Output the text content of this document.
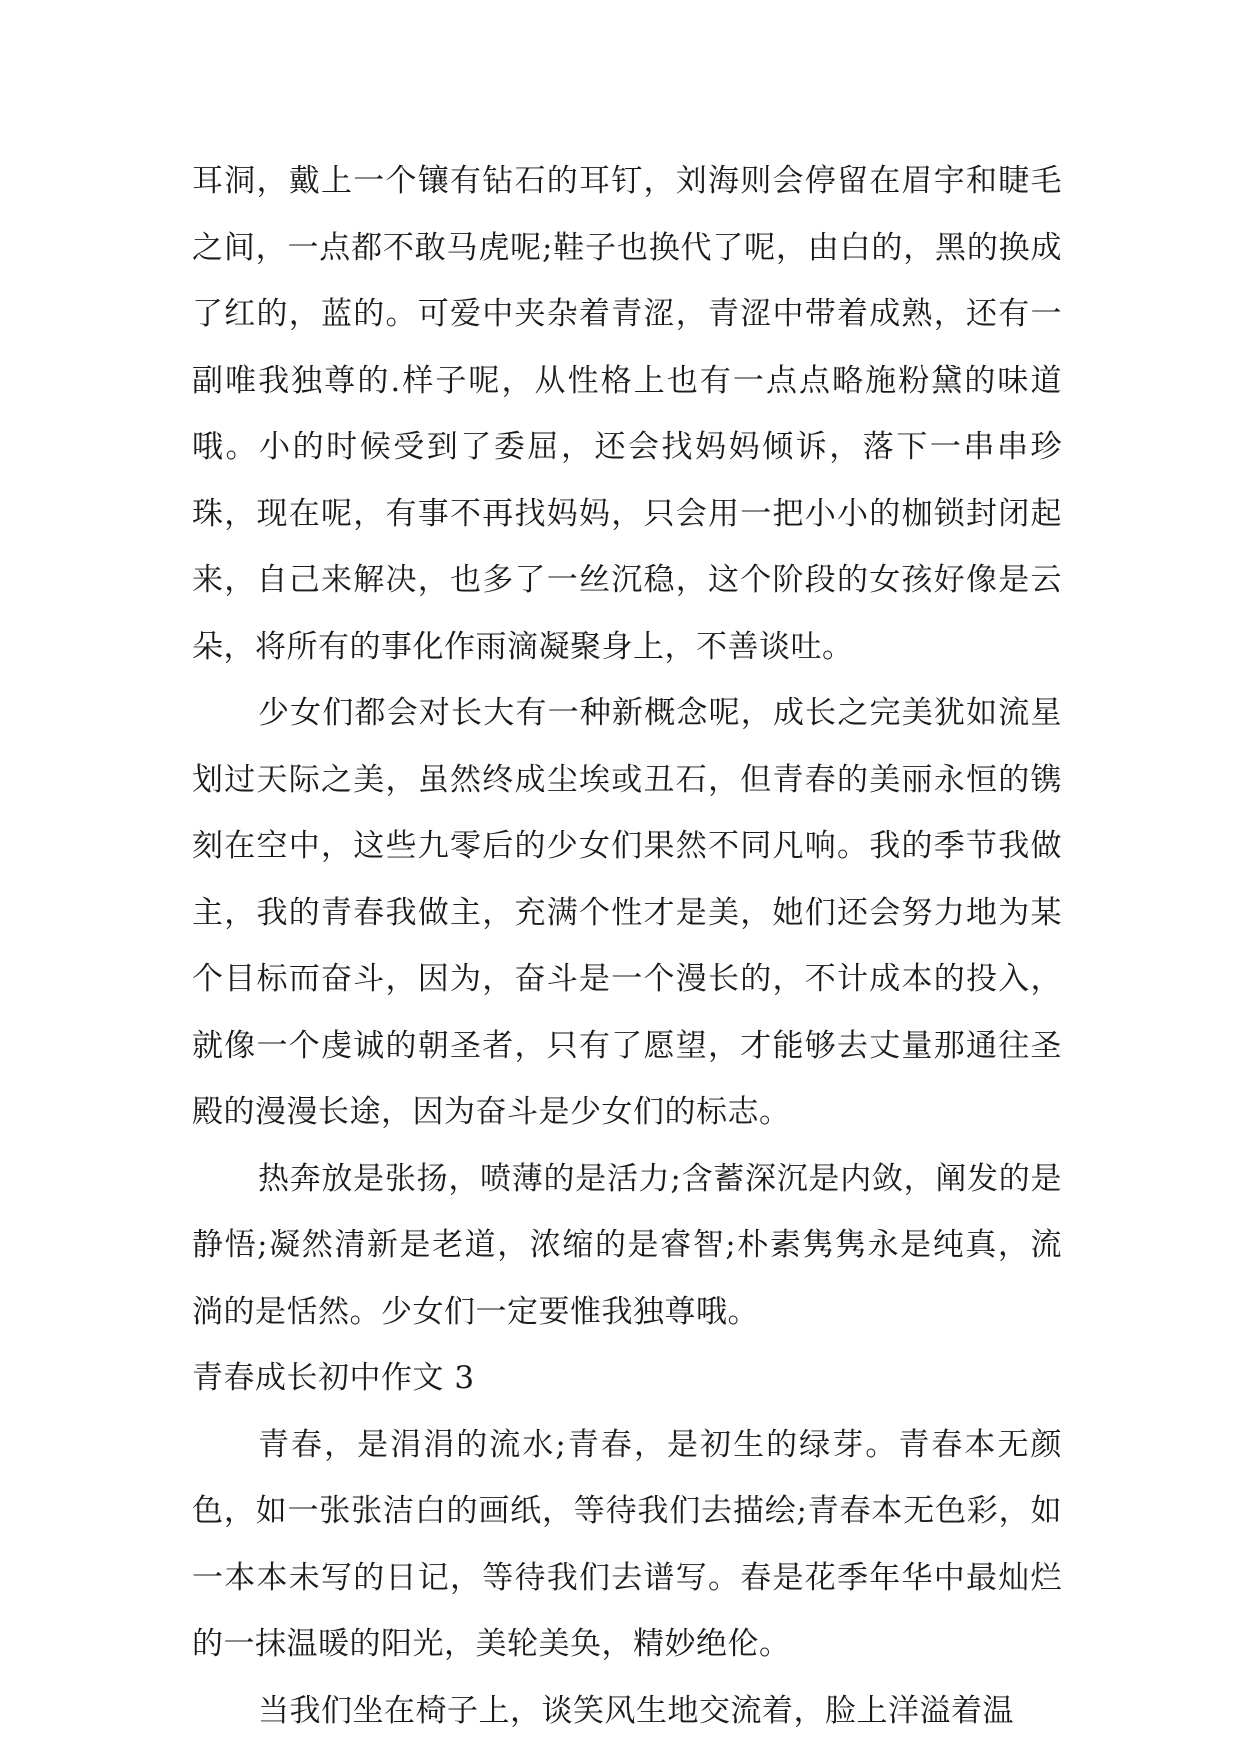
耳洞，戴上一个镶有钻石的耳钉，刘海则会停留在眉宇和睫毛之间，一点都不敢马虎呢;鞋子也换代了呢，由白的，黑的换成了红的，蓝的。可爱中夹杂着青涩，青涩中带着成熟，还有一副唯我独尊的.样子呢，从性格上也有一点点略施粉黛的味道哦。小的时候受到了委屈，还会找妈妈倾诉，落下一串串珍珠，现在呢，有事不再找妈妈，只会用一把小小的枷锁封闭起来，自己来解决，也多了一丝沉稳，这个阶段的女孩好像是云朵，将所有的事化作雨滴凝聚身上，不善谈吐。

少女们都会对长大有一种新概念呢，成长之完美犹如流星划过天际之美，虽然终成尘埃或丑石，但青春的美丽永恒的镌刻在空中，这些九零后的少女们果然不同凡响。我的季节我做主，我的青春我做主，充满个性才是美，她们还会努力地为某个目标而奋斗，因为，奋斗是一个漫长的，不计成本的投入，就像一个虔诚的朝圣者，只有了愿望，才能够去丈量那通往圣殿的漫漫长途，因为奋斗是少女们的标志。

热奔放是张扬，喷薄的是活力;含蓄深沉是内敛，阐发的是静悟;凝然清新是老道，浓缩的是睿智;朴素隽隽永是纯真，流淌的是恬然。少女们一定要惟我独尊哦。

青春成长初中作文 3

青春，是涓涓的流水;青春，是初生的绿芽。青春本无颜色，如一张张洁白的画纸，等待我们去描绘;青春本无色彩，如一本本未写的日记，等待我们去谱写。春是花季年华中最灿烂的一抹温暖的阳光，美轮美奂，精妙绝伦。

当我们坐在椅子上，谈笑风生地交流着，脸上洋溢着温
